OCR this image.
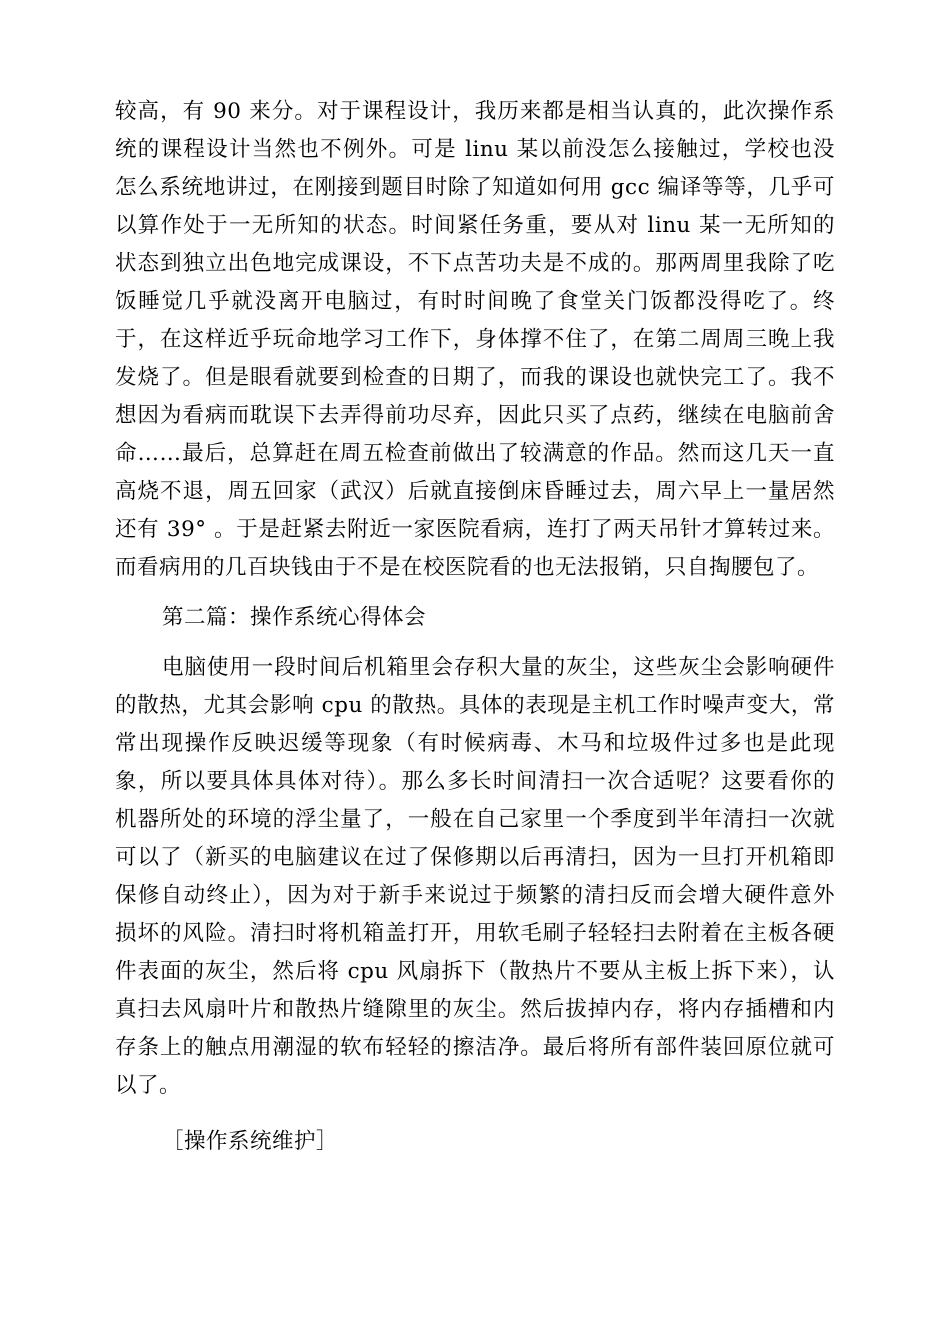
较高，有 90 来分。对于课程设计，我历来都是相当认真的，此次操作系
统的课程设计当然也不例外。可是 linu 某以前没怎么接触过，学校也没
怎么系统地讲过，在刚接到题目时除了知道如何用 gcc 编译等等，几乎可
以算作处于一无所知的状态。时间紧任务重，要从对 linu 某一无所知的
状态到独立出色地完成课设，不下点苦功夫是不成的。那两周里我除了吃
饭睡觉几乎就没离开电脑过，有时时间晚了食堂关门饭都没得吃了。终
于，在这样近乎玩命地学习工作下，身体撑不住了，在第二周周三晚上我
发烧了。但是眼看就要到检查的日期了，而我的课设也就快完工了。我不
想因为看病而耽误下去弄得前功尽弃，因此只买了点药，继续在电脑前舍
命……最后，总算赶在周五检查前做出了较满意的作品。然而这几天一直
高烧不退，周五回家（武汉）后就直接倒床昏睡过去，周六早上一量居然
还有 39° 。于是赶紧去附近一家医院看病，连打了两天吊针才算转过来。
而看病用的几百块钱由于不是在校医院看的也无法报销，只自掏腰包了。
第二篇：操作系统心得体会
电脑使用一段时间后机箱里会存积大量的灰尘，这些灰尘会影响硬件
的散热，尤其会影响 cpu 的散热。具体的表现是主机工作时噪声变大，常
常出现操作反映迟缓等现象（有时候病毒、木马和垃圾件过多也是此现
象，所以要具体具体对待）。那么多长时间清扫一次合适呢？这要看你的
机器所处的环境的浮尘量了，一般在自己家里一个季度到半年清扫一次就
可以了（新买的电脑建议在过了保修期以后再清扫，因为一旦打开机箱即
保修自动终止），因为对于新手来说过于频繁的清扫反而会增大硬件意外
损坏的风险。清扫时将机箱盖打开，用软毛刷子轻轻扫去附着在主板各硬
件表面的灰尘，然后将 cpu 风扇拆下（散热片不要从主板上拆下来），认
真扫去风扇叶片和散热片缝隙里的灰尘。然后拔掉内存，将内存插槽和内
存条上的触点用潮湿的软布轻轻的擦洁净。最后将所有部件装回原位就可
以了。
［操作系统维护］
